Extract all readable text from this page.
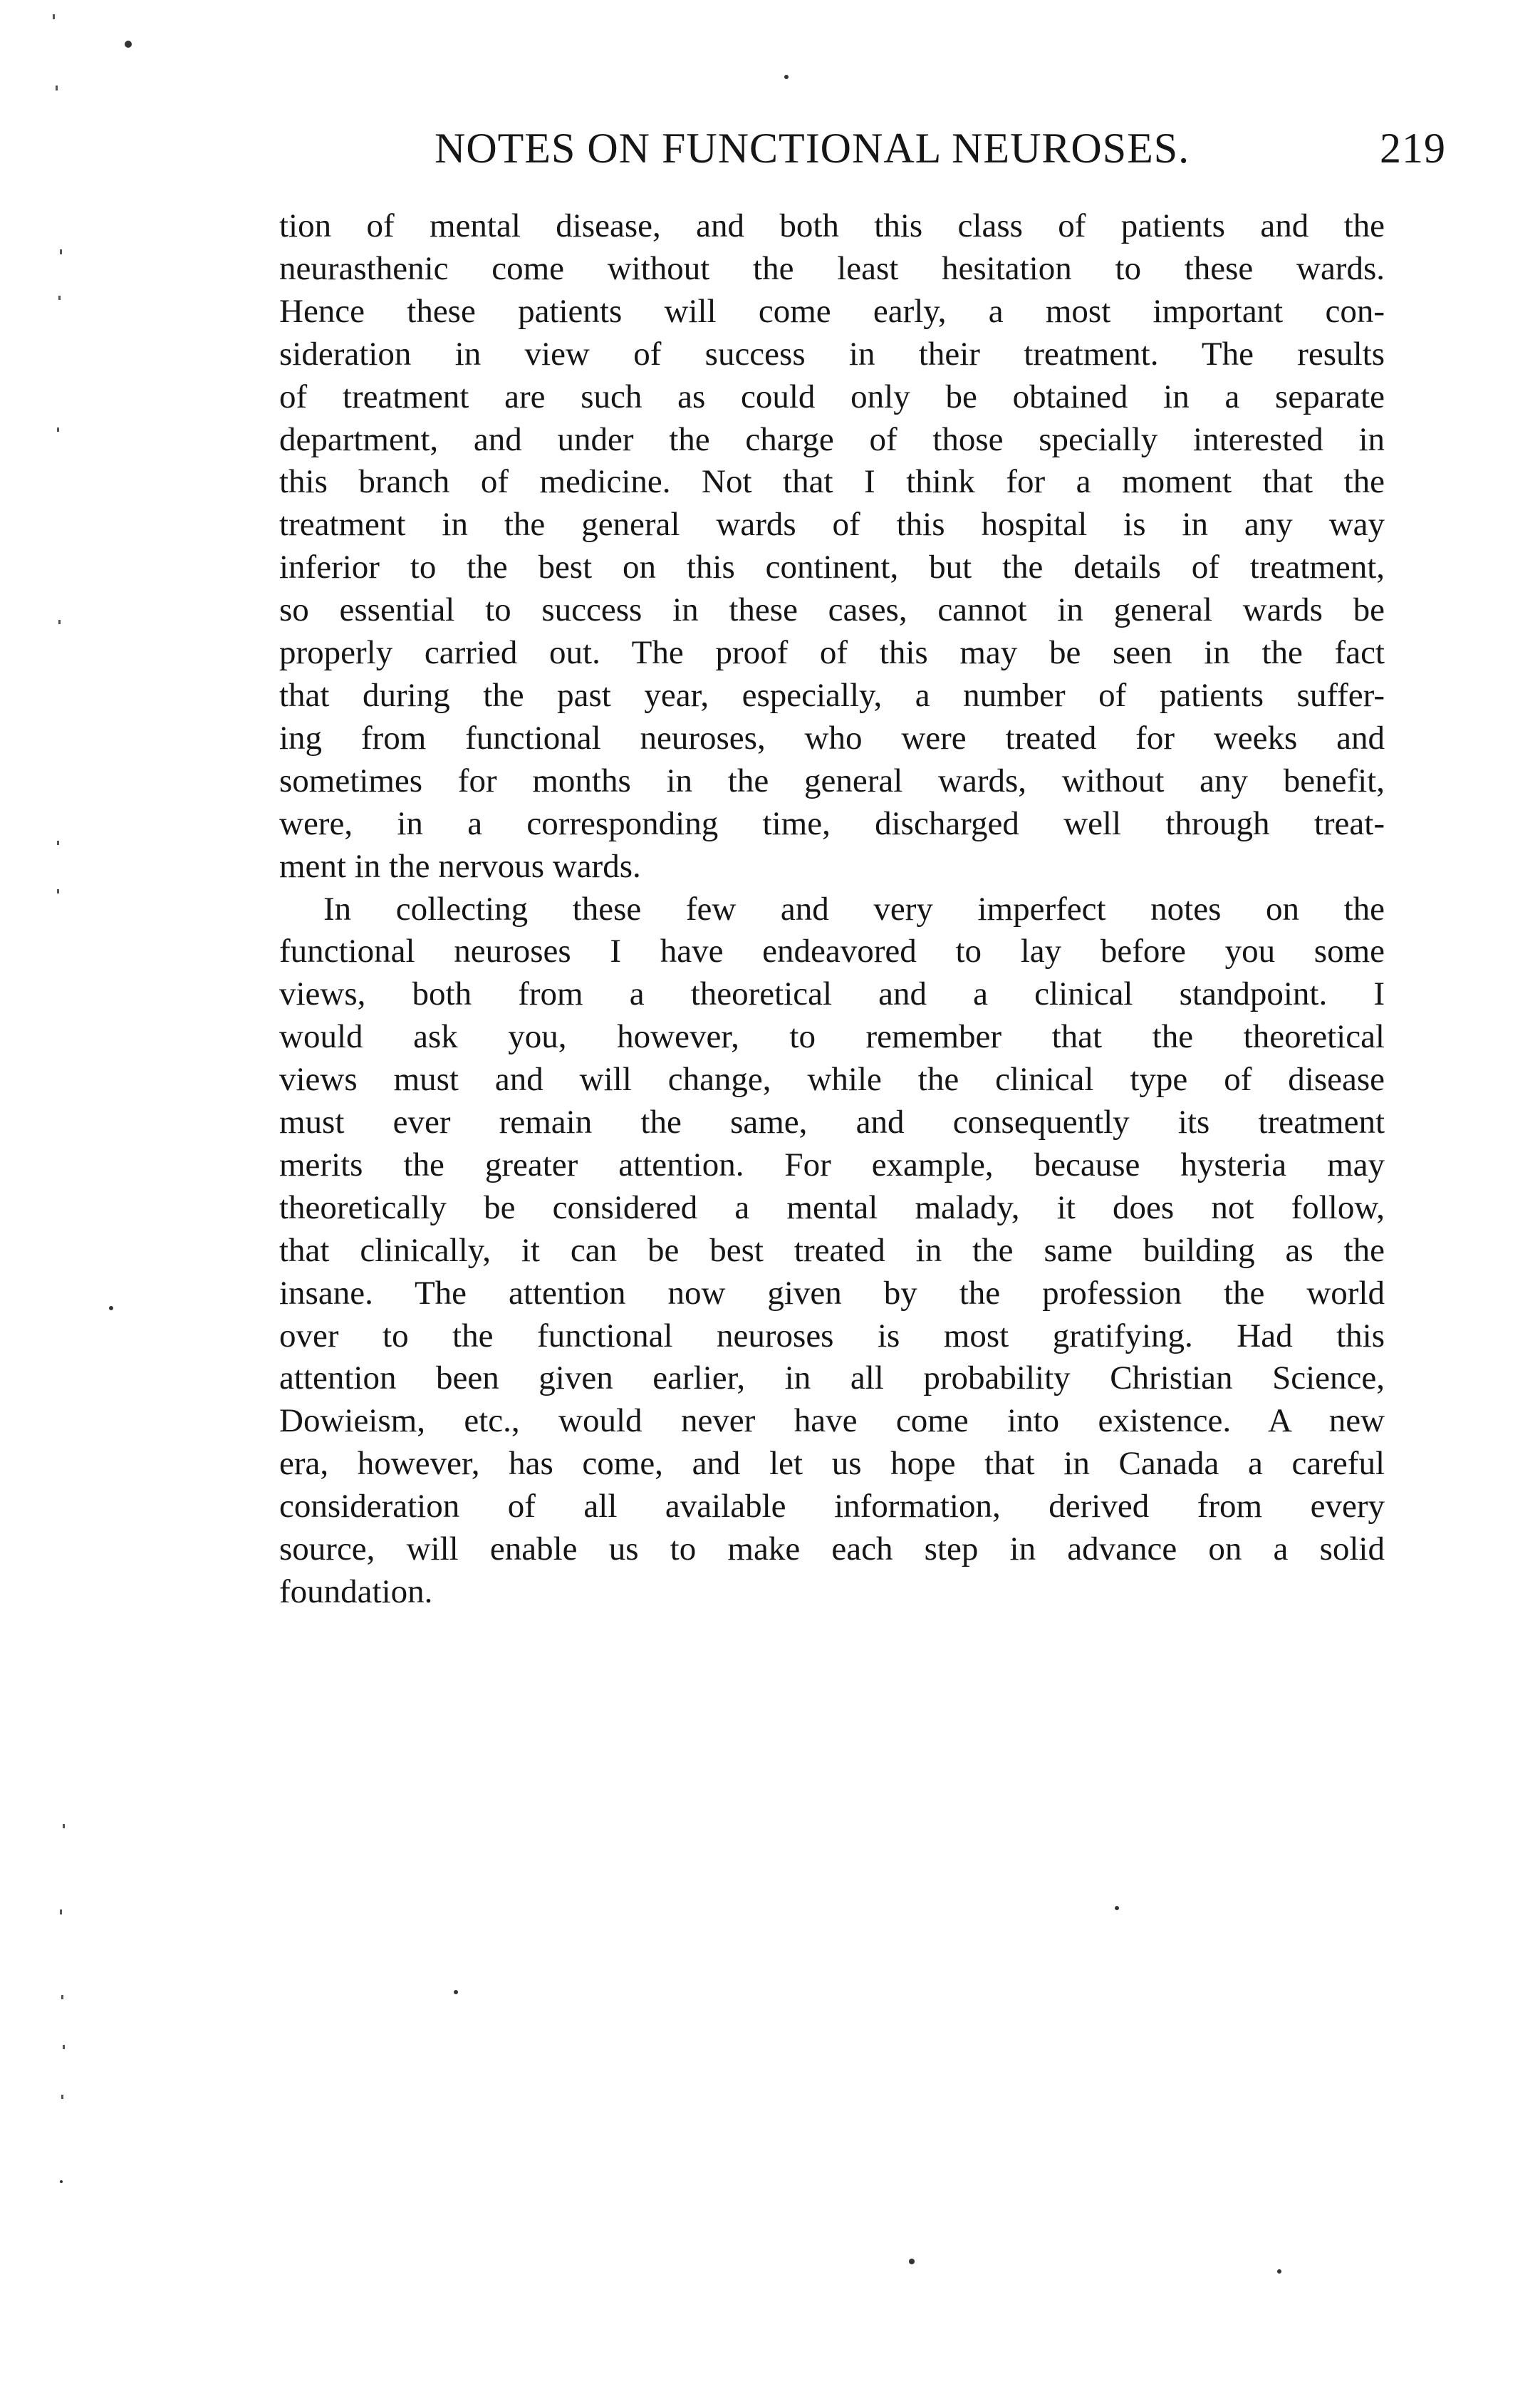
NOTES ON FUNCTIONAL NEUROSES.	219
tion of mental disease, and both this class of patients and the
neurasthenic come without the least hesitation to these wards.
Hence these patients will come early, a most important con-
sideration in view of success in their treatment. The results
of treatment are such as could only be obtained in a separate
department, and under the charge of those specially interested in
this branch of medicine. Not that I think for a moment that the
treatment in the general wards of this hospital is in any way
inferior to the best on this continent, but the details of treatment,
so essential to success in these cases, cannot in general wards be
properly carried out. The proof of this may be seen in the fact
that during the past year, especially, a number of patients suffer-
ing from functional neuroses, who were treated for weeks and
sometimes for months in the general wards, without any benefit,
were, in a corresponding time, discharged well through treat-
ment in the nervous wards.
In collecting these few and very imperfect notes on the
functional neuroses I have endeavored to lay before you some
views, both from a theoretical and a clinical standpoint. I
would ask you, however, to remember that the theoretical
views must and will change, while the clinical type of disease
must ever remain the same, and consequently its treatment
merits the greater attention. For example, because hysteria may
theoretically be considered a mental malady, it does not follow,
that clinically, it can be best treated in the same building as the
insane. The attention now given by the profession the world
over to the functional neuroses is most gratifying. Had this
attention been given earlier, in all probability Christian Science,
Dowieism, etc., would never have come into existence. A new
era, however, has come, and let us hope that in Canada a careful
consideration of all available information, derived from every
source, will enable us to make each step in advance on a solid
foundation.
